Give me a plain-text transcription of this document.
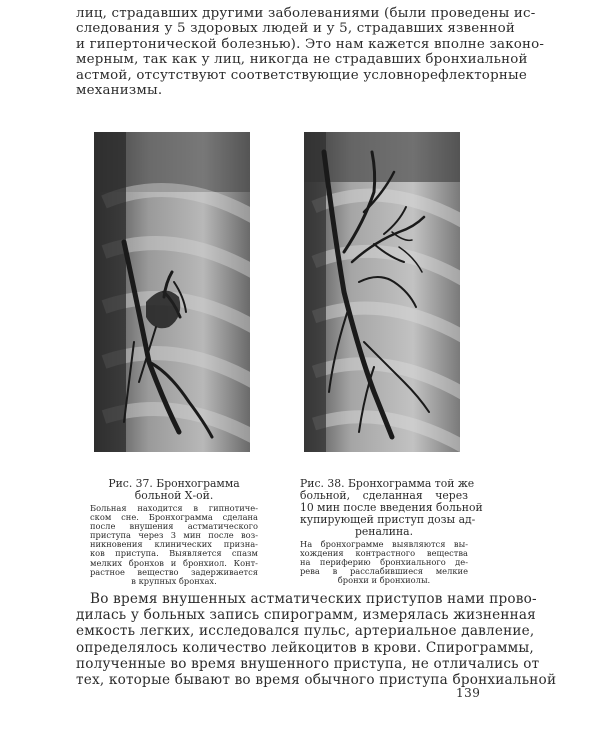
лиц, страдавших другими заболеваниями (были проведены ис-
следования у 5 здоровых людей и у 5, страдавших язвенной
и гипертонической болезнью). Это нам кажется вполне законо-
мерным, так как у лиц, никогда не страдавших бронхиальной
астмой, отсутствуют соответствующие условнорефлекторные
механизмы.

Рис. 37. Бронхограмма
больной Х-ой.

Больная находится в гипнотиче-
ском сне. Бронхограмма сделана
после внушения астматического
приступа через 3 мин после воз-
никновения клинических призна-
ков приступа. Выявляется спазм
мелких бронхов и бронхиол. Конт-
растное вещество задерживается
в крупных бронхах.

Рис. 38. Бронхограмма той же
больной, сделанная через
10 мин после введения больной
купирующей приступ дозы ад-
реналина.

На бронхограмме выявляются вы-
хождения контрастного вещества
на периферию бронхиального де-
рева в расслабившиеся мелкие
бронхи и бронхиолы.

Во время внушенных астматических приступов нами прово-
дилась у больных запись спирограмм, измерялась жизненная
емкость легких, исследовался пульс, артериальное давление,
определялось количество лейкоцитов в крови. Спирограммы,
полученные во время внушенного приступа, не отличались от
тех, которые бывают во время обычного приступа бронхиальной

139
